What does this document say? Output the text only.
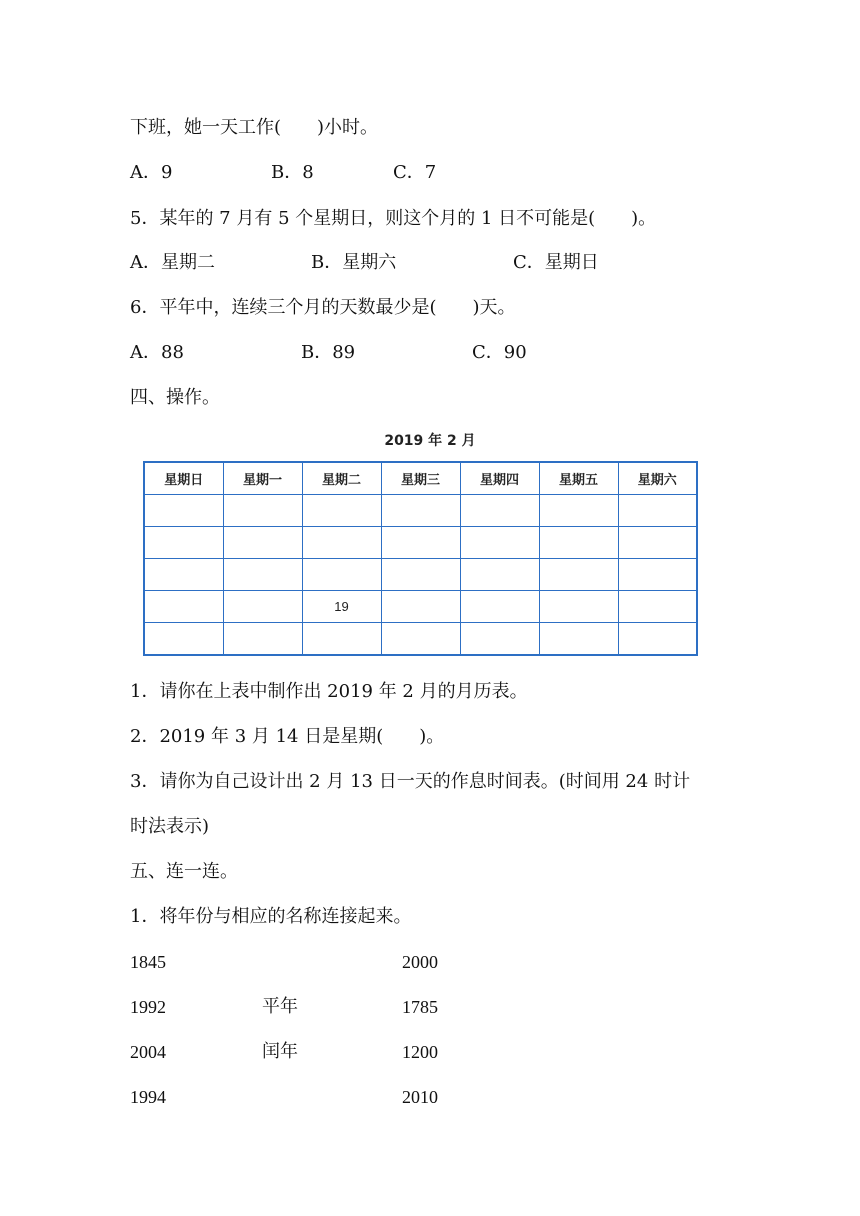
下班，她一天工作(　　)小时。
A．9	B．8	C．7
5．某年的 7 月有 5 个星期日，则这个月的 1 日不可能是(　　)。
A．星期二	B．星期六	C．星期日
6．平年中，连续三个月的天数最少是(　　)天。
A．88	B．89	C．90
四、操作。
2019 年 2 月
星期日	星期一	星期二	星期三	星期四	星期五	星期六

		19				

1．请你在上表中制作出 2019 年 2 月的月历表。
2．2019 年 3 月 14 日是星期(　　)。
3．请你为自己设计出 2 月 13 日一天的作息时间表。(时间用 24 时计
时法表示)
五、连一连。
1．将年份与相应的名称连接起来。
1845	2000
1992	平年	1785
2004	闰年	1200
1994	2010
